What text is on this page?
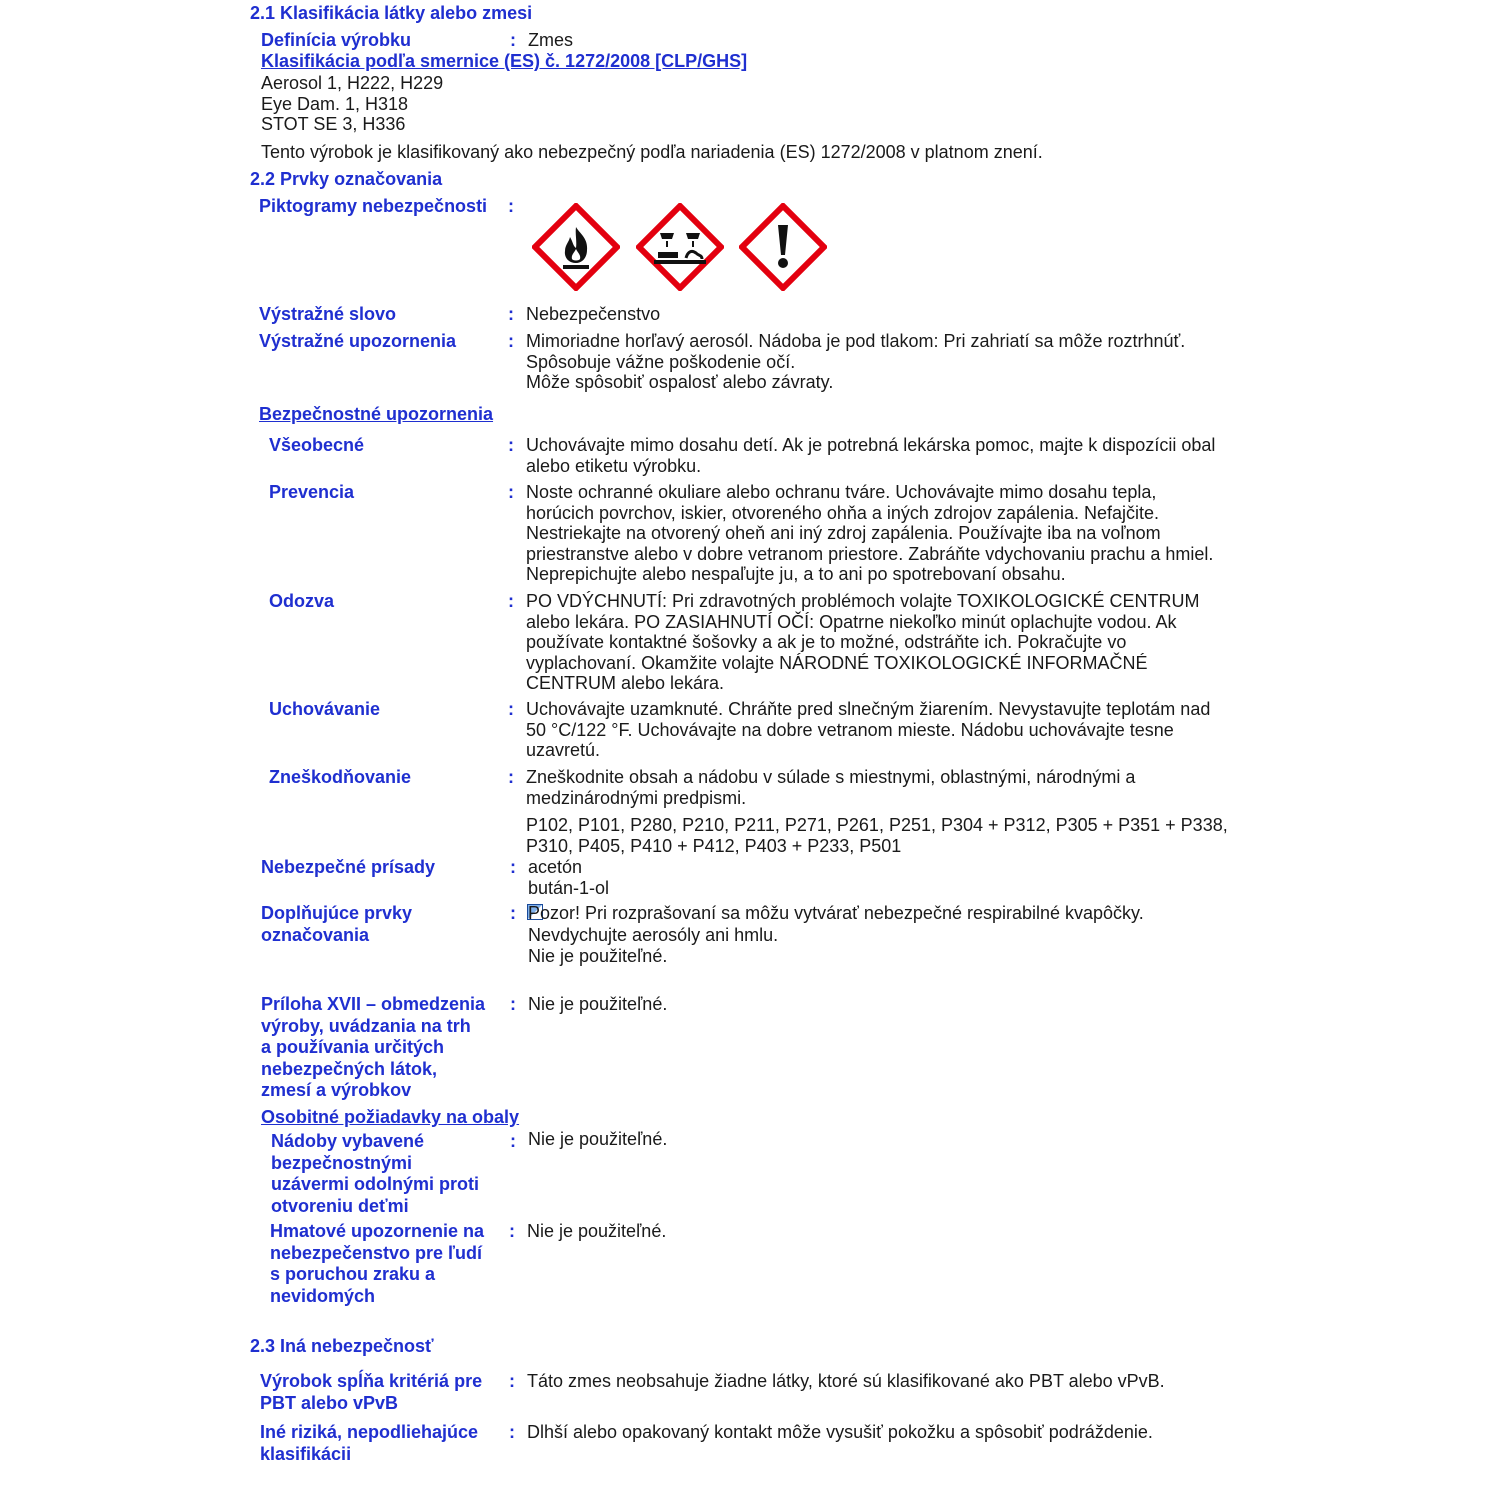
2.1 Klasifikácia látky alebo zmesi
Definícia výrobku	: Zmes
Klasifikácia podľa smernice (ES) č. 1272/2008 [CLP/GHS]
Aerosol 1, H222, H229
Eye Dam. 1, H318
STOT SE 3, H336
Tento výrobok je klasifikovaný ako nebezpečný podľa nariadenia (ES) 1272/2008 v platnom znení.
2.2 Prvky označovania
Piktogramy nebezpečnosti :
Výstražné slovo	: Nebezpečenstvo
Výstražné upozornenia	: Mimoriadne horľavý aerosól. Nádoba je pod tlakom: Pri zahriatí sa môže roztrhnúť.
Spôsobuje vážne poškodenie očí.
Môže spôsobiť ospalosť alebo závraty.
Bezpečnostné upozornenia
Všeobecné	: Uchovávajte mimo dosahu detí. Ak je potrebná lekárska pomoc, majte k dispozícii obal
alebo etiketu výrobku.
Prevencia	: Noste ochranné okuliare alebo ochranu tváre. Uchovávajte mimo dosahu tepla,
horúcich povrchov, iskier, otvoreného ohňa a iných zdrojov zapálenia. Nefajčite.
Nestriekajte na otvorený oheň ani iný zdroj zapálenia. Používajte iba na voľnom
priestranstve alebo v dobre vetranom priestore. Zabráňte vdychovaniu prachu a hmiel.
Neprepichujte alebo nespaľujte ju, a to ani po spotrebovaní obsahu.
Odozva	: PO VDÝCHNUTÍ: Pri zdravotných problémoch volajte TOXIKOLOGICKÉ CENTRUM
alebo lekára. PO ZASIAHNUTÍ OČÍ: Opatrne niekoľko minút oplachujte vodou. Ak
používate kontaktné šošovky a ak je to možné, odstráňte ich. Pokračujte vo
vyplachovaní. Okamžite volajte NÁRODNÉ TOXIKOLOGICKÉ INFORMAČNÉ
CENTRUM alebo lekára.
Uchovávanie	: Uchovávajte uzamknuté. Chráňte pred slnečným žiarením. Nevystavujte teplotám nad
50 °C/122 °F. Uchovávajte na dobre vetranom mieste. Nádobu uchovávajte tesne
uzavretú.
Zneškodňovanie	: Zneškodnite obsah a nádobu v súlade s miestnymi, oblastnými, národnými a
medzinárodnými predpismi.
P102, P101, P280, P210, P211, P271, P261, P251, P304 + P312, P305 + P351 + P338,
P310, P405, P410 + P412, P403 + P233, P501
Nebezpečné prísady	: acetón
bután-1-ol
Doplňujúce prvky
označovania
: Pozor! Pri rozprašovaní sa môžu vytvárať nebezpečné respirabilné kvapôčky.
Nevdychujte aerosóly ani hmlu.
Nie je použiteľné.
Príloha XVII – obmedzenia
výroby, uvádzania na trh
a používania určitých
nebezpečných látok,
zmesí a výrobkov
: Nie je použiteľné.
Osobitné požiadavky na obaly
Nádoby vybavené
bezpečnostnými
uzávermi odolnými proti
otvoreniu deťmi
: Nie je použiteľné.
Hmatové upozornenie na
nebezpečenstvo pre ľudí
s poruchou zraku a
nevidomých
: Nie je použiteľné.
2.3 Iná nebezpečnosť
Výrobok spĺňa kritériá pre
PBT alebo vPvB
: Táto zmes neobsahuje žiadne látky, ktoré sú klasifikované ako PBT alebo vPvB.
Iné riziká, nepodliehajúce
klasifikácii
: Dlhší alebo opakovaný kontakt môže vysušiť pokožku a spôsobiť podráždenie.
